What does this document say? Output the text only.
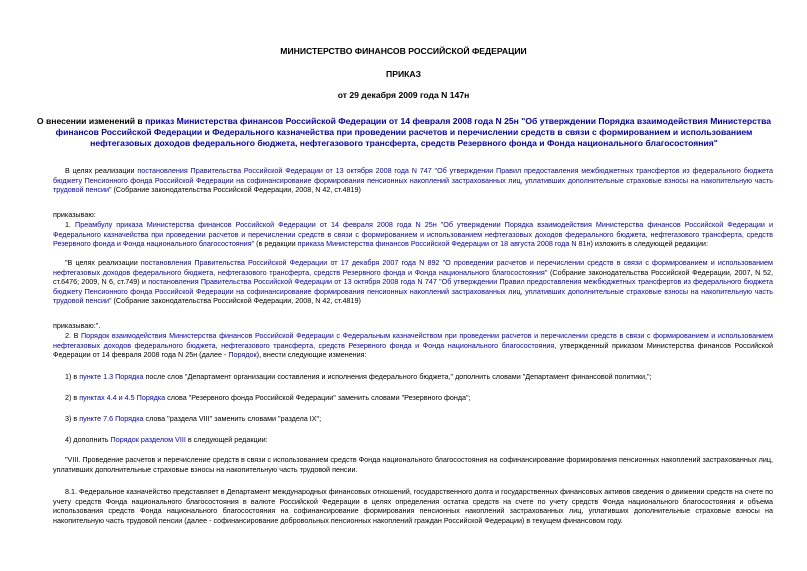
МИНИСТЕРСТВО ФИНАНСОВ РОССИЙСКОЙ ФЕДЕРАЦИИ
ПРИКАЗ
от 29 декабря 2009 года N 147н
О внесении изменений в приказ Министерства финансов Российской Федерации от 14 февраля 2008 года N 25н "Об утверждении Порядка взаимодействия Министерства финансов Российской Федерации и Федерального казначейства при проведении расчетов и перечислении средств в связи с формированием и использованием нефтегазовых доходов федерального бюджета, нефтегазового трансферта, средств Резервного фонда и Фонда национального благосостояния"
В целях реализации постановления Правительства Российской Федерации от 13 октября 2008 года N 747 "Об утверждении Правил предоставления межбюджетных трансфертов из федерального бюджета бюджету Пенсионного фонда Российской Федерации на софинансирование формирования пенсионных накоплений застрахованных лиц, уплативших дополнительные страховые взносы на накопительную часть трудовой пенсии" (Собрание законодательства Российской Федерации, 2008, N 42, ст.4819)
приказываю:
1. Преамбулу приказа Министерства финансов Российской Федерации от 14 февраля 2008 года N 25н "Об утверждении Порядка взаимодействия Министерства финансов Российской Федерации и Федерального казначейства при проведении расчетов и перечислении средств в связи с формированием и использованием нефтегазовых доходов федерального бюджета, нефтегазового трансферта, средств Резервного фонда и Фонда национального благосостояния" (в редакции приказа Министерства финансов Российской Федерации от 18 августа 2008 года N 81н) изложить в следующей редакции:
"В целях реализации постановления Правительства Российской Федерации от 17 декабря 2007 года N 892 "О проведении расчетов и перечислении средств в связи с формированием и использованием нефтегазовых доходов федерального бюджета, нефтегазового трансферта, средств Резервного фонда и Фонда национального благосостояния" (Собрание законодательства Российской Федерации, 2007, N 52, ст.6476; 2009, N 6, ст.749) и постановления Правительства Российской Федерации от 13 октября 2008 года N 747 "Об утверждении Правил предоставления межбюджетных трансфертов из федерального бюджета бюджету Пенсионного фонда Российской Федерации на софинансирование формирования пенсионных накоплений застрахованных лиц, уплативших дополнительные страховые взносы на накопительную часть трудовой пенсии" (Собрание законодательства Российской Федерации, 2008, N 42, ст.4819)
приказываю:".
2. В Порядок взаимодействия Министерства финансов Российской Федерации с Федеральным казначейством при проведении расчетов и перечислении средств в связи с формированием и использованием нефтегазовых доходов федерального бюджета, нефтегазового трансферта, средств Резервного фонда и Фонда национального благосостояния, утвержденный приказом Министерства финансов Российской Федерации от 14 февраля 2008 года N 25н (далее - Порядок), внести следующие изменения:
1) в пункте 1.3 Порядка после слов "Департамент организации составления и исполнения федерального бюджета," дополнить словами "Департамент финансовой политики,";
2) в пунктах 4.4 и 4.5 Порядка слова "Резервного фонда Российской Федерации" заменить словами "Резервного фонда";
3) в пункте 7.6 Порядка слова "раздела VIII" заменить словами "раздела IX";
4) дополнить Порядок разделом VIII в следующей редакции:
"VIII. Проведение расчетов и перечисление средств в связи с использованием средств Фонда национального благосостояния на софинансирование формирования пенсионных накоплений застрахованных лиц, уплативших дополнительные страховые взносы на накопительную часть трудовой пенсии.
8.1. Федеральное казначейство представляет в Департамент международных финансовых отношений, государственного долга и государственных финансовых активов сведения о движении средств на счете по учету средств Фонда национального благосостояния в валюте Российской Федерации в целях определения остатка средств на счете по учету средств Фонда национального благосостояния и объема использования средств Фонда национального благосостояния на софинансирование формирования пенсионных накоплений застрахованных лиц, уплативших дополнительные страховые взносы на накопительную часть трудовой пенсии (далее - софинансирование добровольных пенсионных накоплений граждан Российской Федерации) в текущем финансовом году.
